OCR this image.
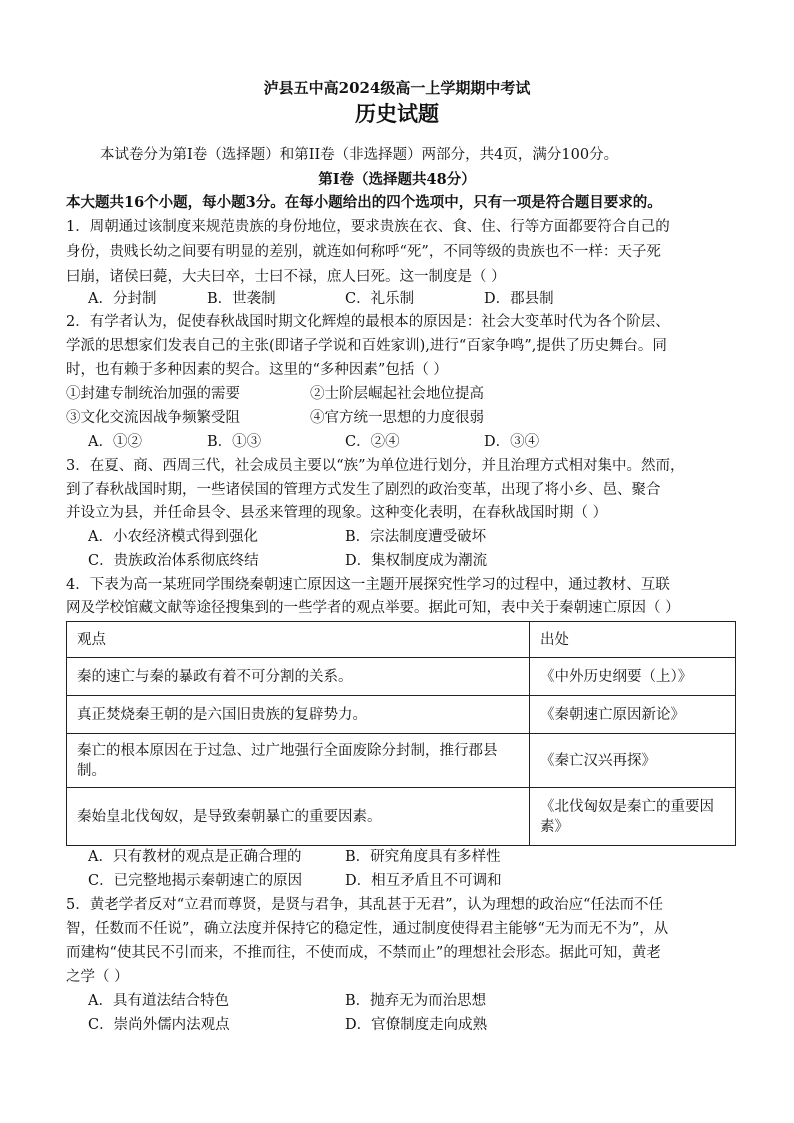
泸县五中高2024级高一上学期期中考试
历史试题
本试卷分为第I卷（选择题）和第II卷（非选择题）两部分，共4页，满分100分。
第I卷（选择题共48分）
本大题共16个小题，每小题3分。在每小题给出的四个选项中，只有一项是符合题目要求的。
1．周朝通过该制度来规范贵族的身份地位，要求贵族在衣、食、住、行等方面都要符合自己的
身份，贵贱长幼之间要有明显的差别，就连如何称呼“死”，不同等级的贵族也不一样：天子死
曰崩，诸侯曰薨，大夫曰卒，士曰不禄，庶人曰死。这一制度是（ ）
A．分封制	B．世袭制	C．礼乐制	D．郡县制
2．有学者认为，促使春秋战国时期文化辉煌的最根本的原因是：社会大变革时代为各个阶层、
学派的思想家们发表自己的主张(即诸子学说和百姓家训),进行“百家争鸣”,提供了历史舞台。同
时，也有赖于多种因素的契合。这里的“多种因素”包括（ ）
①封建专制统治加强的需要	②士阶层崛起社会地位提高
③文化交流因战争频繁受阻	④官方统一思想的力度很弱
A．①②	B．①③	C．②④	D．③④
3．在夏、商、西周三代，社会成员主要以“族”为单位进行划分，并且治理方式相对集中。然而，
到了春秋战国时期，一些诸侯国的管理方式发生了剧烈的政治变革，出现了将小乡、邑、聚合
并设立为县，并任命县令、县丞来管理的现象。这种变化表明，在春秋战国时期（ ）
A．小农经济模式得到强化	B．宗法制度遭受破坏
C．贵族政治体系彻底终结	D．集权制度成为潮流
4．下表为高一某班同学围绕秦朝速亡原因这一主题开展探究性学习的过程中，通过教材、互联
网及学校馆藏文献等途径搜集到的一些学者的观点举要。据此可知，表中关于秦朝速亡原因（ ）
观点	出处
秦的速亡与秦的暴政有着不可分割的关系。	《中外历史纲要（上）》
真正焚烧秦王朝的是六国旧贵族的复辟势力。	《秦朝速亡原因新论》
秦亡的根本原因在于过急、过广地强行全面废除分封制，推行郡县制。	《秦亡汉兴再探》
秦始皇北伐匈奴，是导致秦朝暴亡的重要因素。	《北伐匈奴是秦亡的重要因素》
A．只有教材的观点是正确合理的	B．研究角度具有多样性
C．已完整地揭示秦朝速亡的原因	D．相互矛盾且不可调和
5．黄老学者反对“立君而尊贤，是贤与君争，其乱甚于无君”，认为理想的政治应“任法而不任
智，任数而不任说”，确立法度并保持它的稳定性，通过制度使得君主能够“无为而无不为”，从
而建构“使其民不引而来，不推而往，不使而成，不禁而止”的理想社会形态。据此可知，黄老
之学（ ）
A．具有道法结合特色	B．抛弃无为而治思想
C．崇尚外儒内法观点	D．官僚制度走向成熟
